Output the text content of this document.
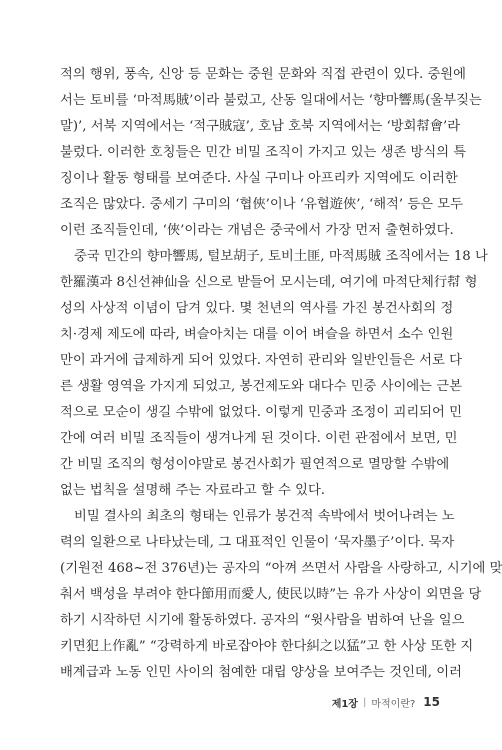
적의 행위, 풍속, 신앙 등 문화는 중원 문화와 직접 관련이 있다. 중원에
서는 토비를 ‘마적馬賊’이라 불렀고, 산동 일대에서는 ‘향마響馬(울부짖는
말)’, 서북 지역에서는 ‘적구賊寇’, 호남 호북 지역에서는 ‘방회幇會’라
불렀다. 이러한 호칭들은 민간 비밀 조직이 가지고 있는 생존 방식의 특
징이나 활동 형태를 보여준다. 사실 구미나 아프리카 지역에도 이러한
조직은 많았다. 중세기 구미의 ‘협俠’이나 ‘유협遊俠’, ‘해적’ 등은 모두
이런 조직들인데, ‘俠’이라는 개념은 중국에서 가장 먼저 출현하였다.
중국 민간의 향마響馬, 털보胡子, 토비土匪, 마적馬賊 조직에서는 18 나
한羅漢과 8신선神仙을 신으로 받들어 모시는데, 여기에 마적단체行幇 형
성의 사상적 이념이 담겨 있다. 몇 천년의 역사를 가진 봉건사회의 정
치·경제 제도에 따라, 벼슬아치는 대를 이어 벼슬을 하면서 소수 인원
만이 과거에 급제하게 되어 있었다. 자연히 관리와 일반인들은 서로 다
른 생활 영역을 가지게 되었고, 봉건제도와 대다수 민중 사이에는 근본
적으로 모순이 생길 수밖에 없었다. 이렇게 민중과 조정이 괴리되어 민
간에 여러 비밀 조직들이 생겨나게 된 것이다. 이런 관점에서 보면, 민
간 비밀 조직의 형성이야말로 봉건사회가 필연적으로 멸망할 수밖에
없는 법칙을 설명해 주는 자료라고 할 수 있다.
비밀 결사의 최초의 형태는 인류가 봉건적 속박에서 벗어나려는 노
력의 일환으로 나타났는데, 그 대표적인 인물이 ‘묵자墨子’이다. 묵자
(기원전 468~전 376년)는 공자의 “아껴 쓰면서 사람을 사랑하고, 시기에 맞
춰서 백성을 부려야 한다節用而愛人, 使民以時”는 유가 사상이 외면을 당
하기 시작하던 시기에 활동하였다. 공자의 “윗사람을 범하여 난을 일으
키면犯上作亂” “강력하게 바로잡아야 한다糾之以猛”고 한 사상 또한 지
배계급과 노동 인민 사이의 첨예한 대립 양상을 보여주는 것인데, 이러
제1장 | 마적이란? 15
